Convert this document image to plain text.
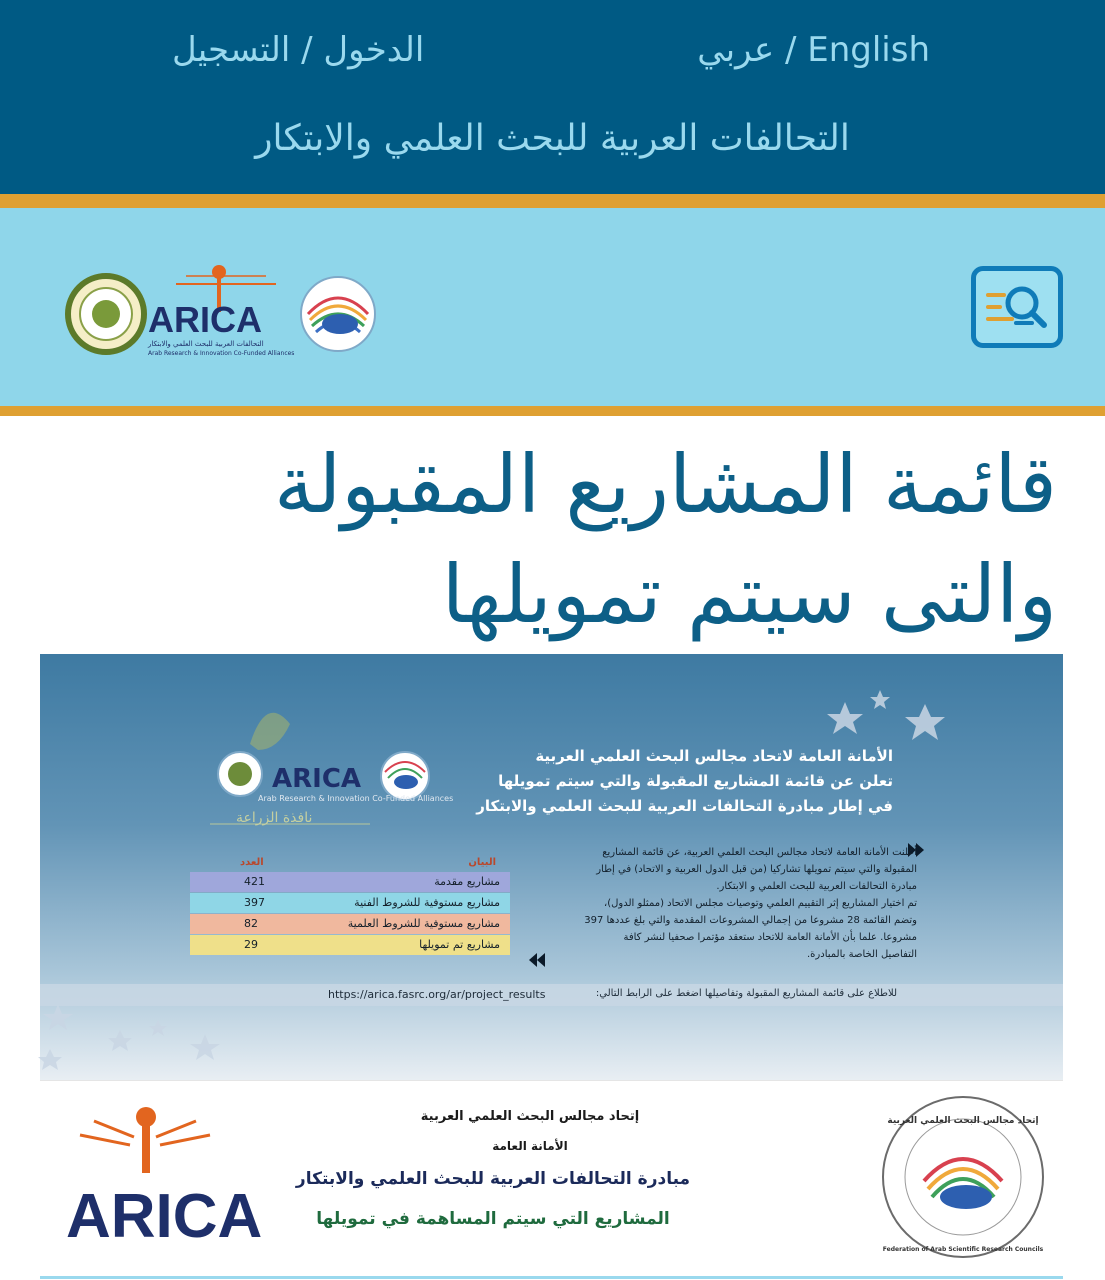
عربي / English
الدخول / التسجيل
التحالفات العربية للبحث العلمي والابتكار
ARICA
التحالفات العربية للبحث العلمي والابتكار
Arab Research & Innovation Co-Funded Alliances
قائمة المشاريع المقبولة
والتى سيتم تمويلها
ARICA
Arab Research & Innovation Co-Funded Alliances
نافذة الزراعة
الأمانة العامة لاتحاد مجالس البحث العلمي العربية
تعلن عن قائمة المشاريع المقبولة والتي سيتم تمويلها
في إطار مبادرة التحالفات العربية للبحث العلمي والابتكار
أعلنت الأمانة العامة لاتحاد مجالس البحث العلمي العربية، عن قائمة المشاريع
المقبولة والتي سيتم تمويلها تشاركيا (من قبل الدول العربية و الاتحاد) في إطار
مبادرة التحالفات العربية للبحث العلمي و الابتكار.
تم اختيار المشاريع إثر التقييم العلمي وتوصيات مجلس الاتحاد (ممثلو الدول)،
وتضم القائمة 28 مشروعا من إجمالي المشروعات المقدمة والتي بلغ عددها 397
مشروعا. علما بأن الأمانة العامة للاتحاد ستعقد مؤتمرا صحفيا لنشر كافة
التفاصيل الخاصة بالمبادرة.
البيان
العدد
مشاريع مقدمة
421
مشاريع مستوفية للشروط الفنية
397
مشاريع مستوفية للشروط العلمية
82
مشاريع تم تمويلها
29
للاطلاع على قائمة المشاريع المقبولة وتفاصيلها اضغط على الرابط التالي:
https://arica.fasrc.org/ar/project_results
ARICA
إتحاد مجالس البحث العلمي العربية
الأمانة العامة
مبادرة التحالفات العربية للبحث العلمي والابتكار
المشاريع التي سيتم المساهمة في تمويلها
إتحاد مجالس البحث العلمي العربية
Federation of Arab Scientific Research Councils
